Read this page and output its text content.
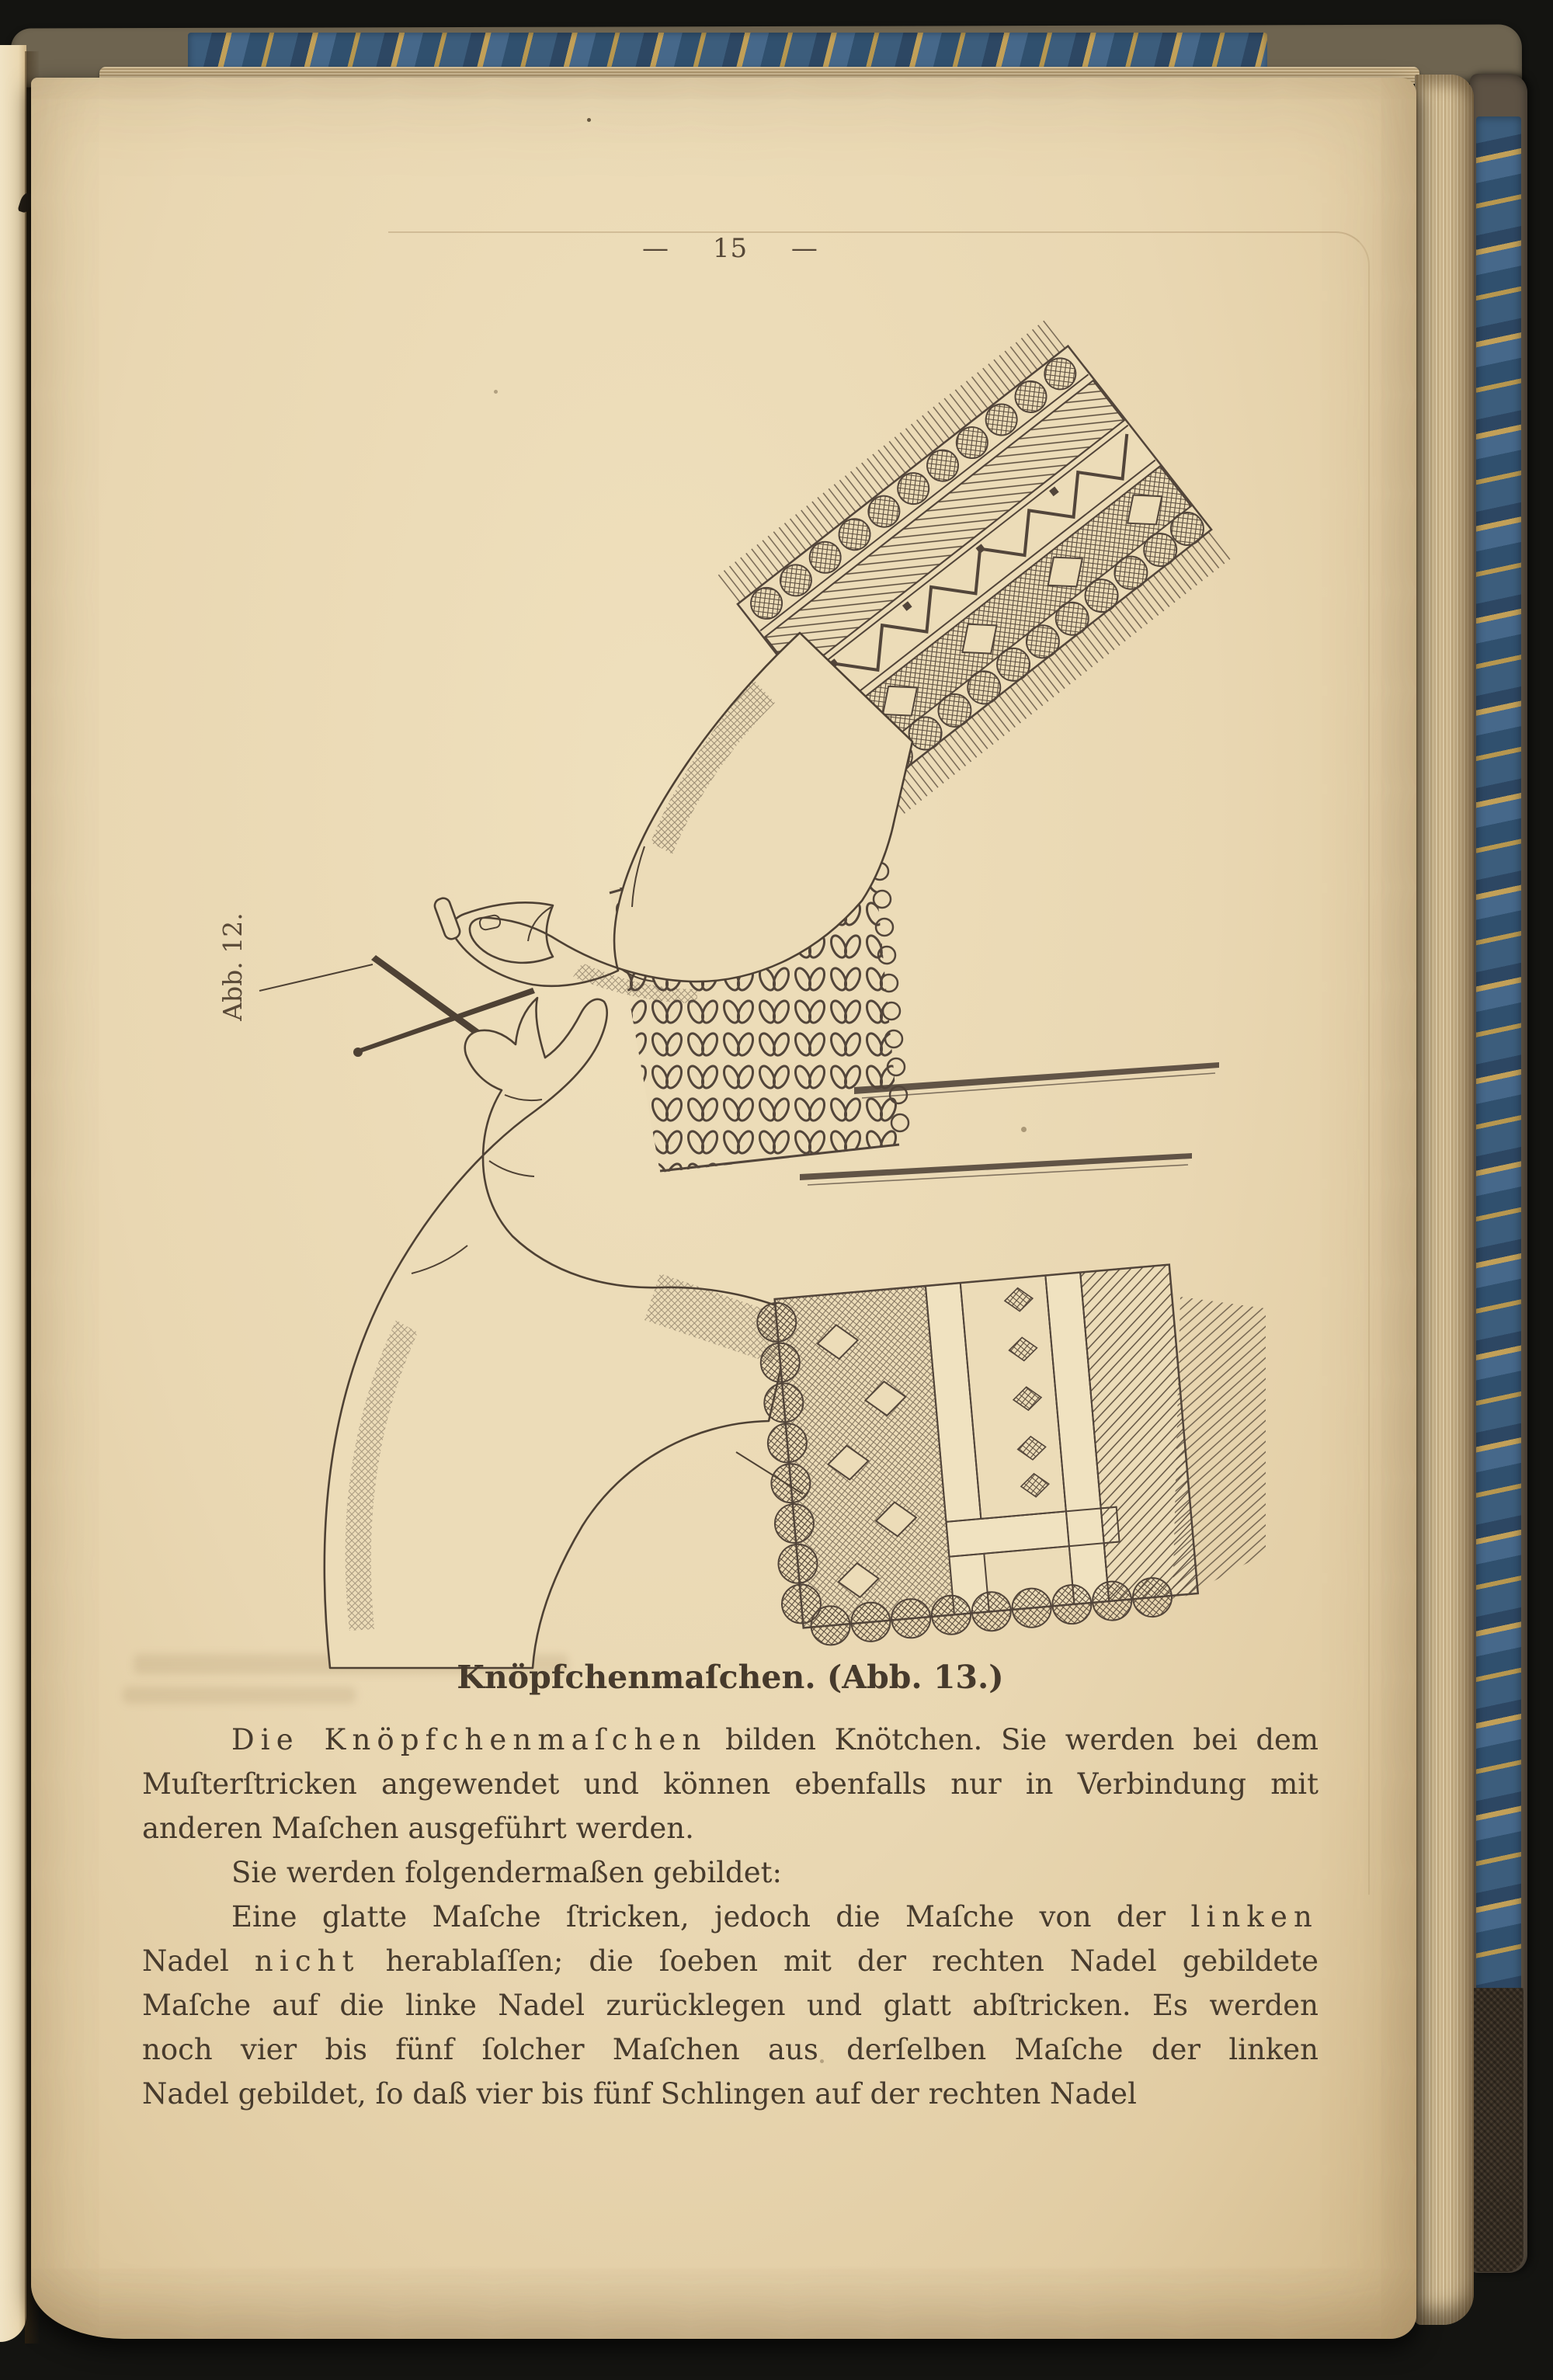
— 15 —
Abb. 12.
Knöpfchenmaſchen. (Abb. 13.)
Die Knöpfchenmaſchen bilden Knötchen. Sie werden bei dem
Muſterſtricken angewendet und können ebenfalls nur in Verbindung mit
anderen Maſchen ausgeführt werden.
Sie werden folgendermaßen gebildet:
Eine glatte Maſche ſtricken, jedoch die Maſche von der linken
Nadel nicht herablaſſen; die ſoeben mit der rechten Nadel gebildete
Maſche auf die linke Nadel zurücklegen und glatt abſtricken. Es werden
noch vier bis fünf ſolcher Maſchen aus derſelben Maſche der linken
Nadel gebildet, ſo daß vier bis fünf Schlingen auf der rechten Nadel
